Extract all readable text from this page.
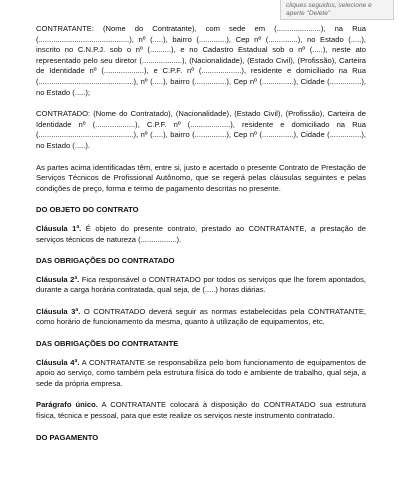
cliques seguidos, selecione e
aperte "Delete"

CONTRATANTE: (Nome do Contratante), com sede em (.....................), na Rua (...........................................), nº (.....), bairro (.............), Cep nº (..............), no Estado (.....), inscrito no C.N.P.J. sob o nº (..........), e no Cadastro Estadual sob o nº (.....), neste ato representado pelo seu diretor (...................), (Nacionalidade), (Estado Civil), (Profissão), Carteira de Identidade nº (...................), e C.P.F. nº (...................), residente e domiciliado na Rua (.............................................), nº (.....), bairro (...............), Cep nº (...............), Cidade (...............), no Estado (.....);

CONTRATADO: (Nome do Contratado), (Nacionalidade), (Estado Civil), (Profissão), Carteira de Identidade nº (...................), C.P.F. nº (...................), residente e domiciliado na Rua (.............................................), nº (.....), bairro (...............), Cep nº (...............), Cidade (...............), no Estado (.....).

As partes acima identificadas têm, entre si, justo e acertado o presente Contrato de Prestação de Serviços Técnicos de Profissional Autônomo, que se regerá pelas cláusulas seguintes e pelas condições de preço, forma e termo de pagamento descritas no presente.

DO OBJETO DO CONTRATO

Cláusula 1ª. É objeto do presente contrato, prestado ao CONTRATANTE, a prestação de serviços técnicos de natureza (.................).

DAS OBRIGAÇÕES DO CONTRATADO

Cláusula 2ª. Fica responsável o CONTRATADO por todos os serviços que lhe forem apontados, durante a carga horária contratada, qual seja, de (.....) horas diárias.

Cláusula 3ª. O CONTRATADO deverá seguir as normas estabelecidas pela CONTRATANTE, como horário de funcionamento da mesma, quanto à utilização de equipamentos, etc.

DAS OBRIGAÇÕES DO CONTRATANTE

Cláusula 4ª. A CONTRATANTE se responsabiliza pelo bom funcionamento de equipamentos de apoio ao serviço, como também pela estrutura física do todo e ambiente de trabalho, qual seja, a sede da própria empresa.

Parágrafo único. A CONTRATANTE colocará à disposição do CONTRATADO sua estrutura física, técnica e pessoal, para que este realize os serviços neste instrumento contratado.

DO PAGAMENTO
